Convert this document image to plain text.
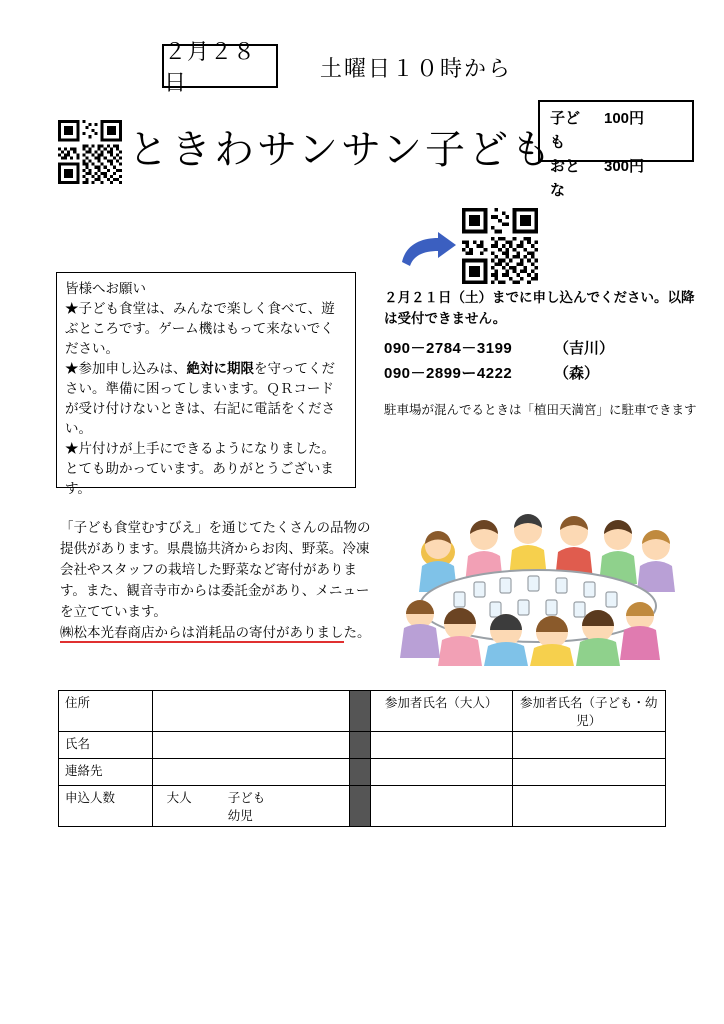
２月２８日
土曜日１０時から
ときわサンサン子ども
子ども
100円
おとな
300円

皆様へお願い

★子ども食堂は、みんなで楽しく食べて、遊ぶところです。ゲーム機はもって来ないでください。

★参加申し込みは、絶対に期限を守ってください。準備に困ってしまいます。ＱＲコードが受け付けないときは、右記に電話をください。

★片付けが上手にできるようになりました。とても助かっています。ありがとうございます。

２月２１日（土）までに申し込んでください。以降は受付できません。

090－2784－3199	（吉川）
090－2899ー4222	（森）
駐車場が混んでるときは「植田天満宮」に駐車できます

「子ども食堂むすびえ」を通じてたくさんの品物の提供があります。県農協共済からお肉、野菜。冷凍会社やスタッフの栽培した野菜など寄付があります。また、観音寺市からは委託金があり、メニューを立てています。㈱松本光春商店からは消耗品の寄付がありました。

住所			参加者氏名（大人）	参加者氏名（子ども・幼児）
氏名				
連絡先				
申込人数	大人 子ども
幼児			
